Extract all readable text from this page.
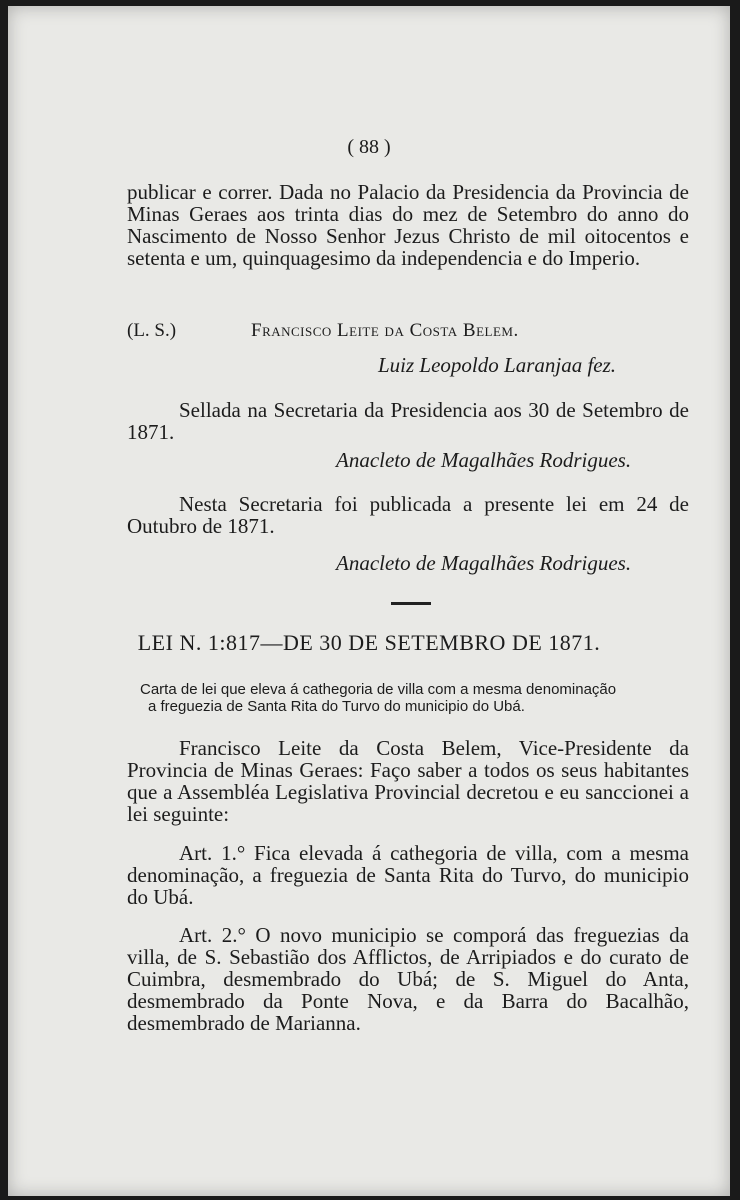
( 88 )

publicar e correr. Dada no Palacio da Presidencia da Provincia de Minas Geraes aos trinta dias do mez de Setembro do anno do Nascimento de Nosso Senhor Jezus Christo de mil oitocentos e setenta e um, quinquagesimo da independencia e do Imperio.

(L. S.)	Francisco Leite da Costa Belem.
Luiz Leopoldo Laranjaa fez.

Sellada na Secretaria da Presidencia aos 30 de Setembro de 1871.

Anacleto de Magalhães Rodrigues.

Nesta Secretaria foi publicada a presente lei em 24 de Outubro de 1871.

Anacleto de Magalhães Rodrigues.
LEI N. 1:817—DE 30 DE SETEMBRO DE 1871.
Carta de lei que eleva á cathegoria de villa com a mesma denominação
a freguezia de Santa Rita do Turvo do municipio do Ubá.

Francisco Leite da Costa Belem, Vice-Presidente da Provincia de Minas Geraes: Faço saber a todos os seus habitantes que a Assembléa Legislativa Provincial decretou e eu sanccionei a lei seguinte:

Art. 1.° Fica elevada á cathegoria de villa, com a mesma denominação, a freguezia de Santa Rita do Turvo, do municipio do Ubá.

Art. 2.° O novo municipio se comporá das freguezias da villa, de S. Sebastião dos Afflictos, de Arripiados e do curato de Cuimbra, desmembrado do Ubá; de S. Miguel do Anta, desmembrado da Ponte Nova, e da Barra do Bacalhão, desmembrado de Marianna.
